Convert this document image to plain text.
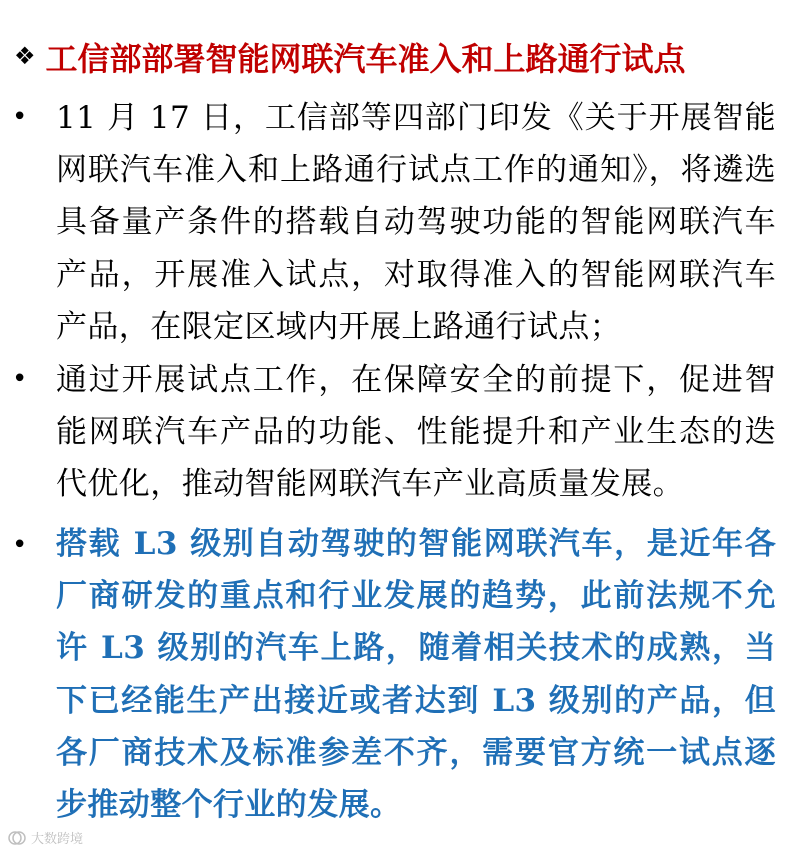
❖ 工信部部署智能网联汽车准入和上路通行试点
• 11 月 17 日，工信部等四部门印发《关于开展智能网联汽车准入和上路通行试点工作的通知》，将遴选具备量产条件的搭载自动驾驶功能的智能网联汽车产品，开展准入试点，对取得准入的智能网联汽车产品，在限定区域内开展上路通行试点；

• 通过开展试点工作，在保障安全的前提下，促进智能网联汽车产品的功能、性能提升和产业生态的迭代优化，推动智能网联汽车产业高质量发展。

• 搭载 L3 级别自动驾驶的智能网联汽车，是近年各厂商研发的重点和行业发展的趋势，此前法规不允许 L3 级别的汽车上路，随着相关技术的成熟，当下已经能生产出接近或者达到 L3 级别的产品，但各厂商技术及标准参差不齐，需要官方统一试点逐步推动整个行业的发展。

大数跨境
